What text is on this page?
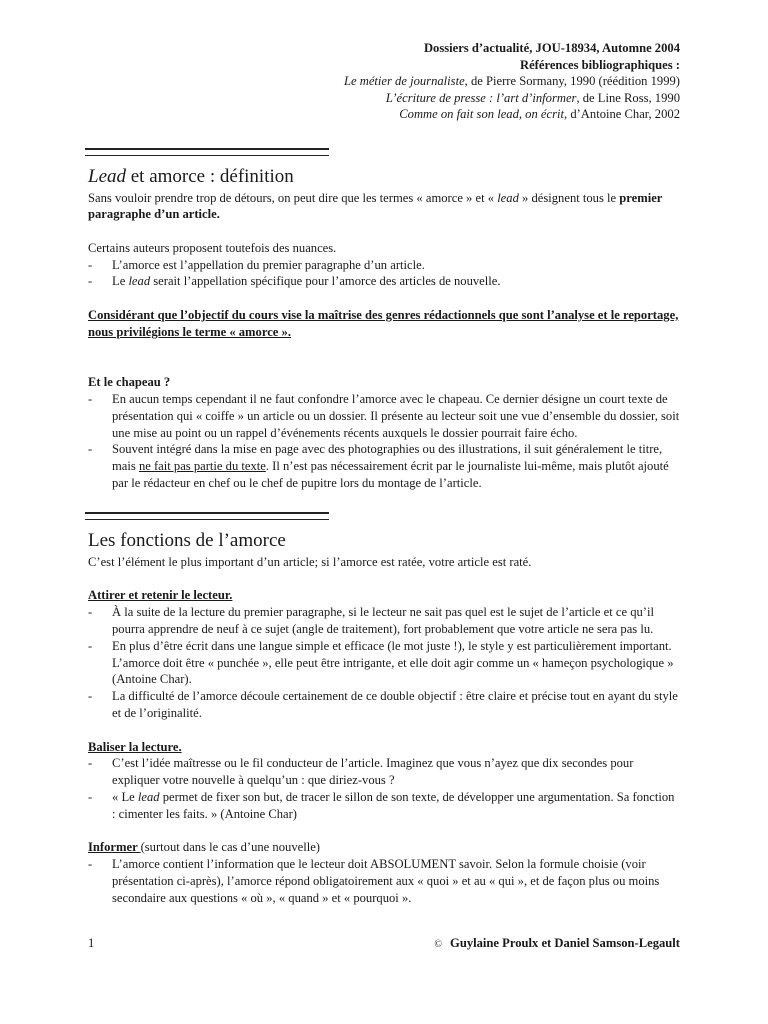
Dossiers d’actualité, JOU-18934, Automne 2004
Références bibliographiques :
Le métier de journaliste, de Pierre Sormany, 1990 (réédition 1999)
L’écriture de presse : l’art d’informer, de Line Ross, 1990
Comme on fait son lead, on écrit, d’Antoine Char, 2002
Lead et amorce : définition

Sans vouloir prendre trop de détours, on peut dire que les termes « amorce » et « lead » désignent tous le premier paragraphe d’un article.

Certains auteurs proposent toutefois des nuances.

- L’amorce est l’appellation du premier paragraphe d’un article.
- Le lead serait l’appellation spécifique pour l’amorce des articles de nouvelle.

Considérant que l’objectif du cours vise la maîtrise des genres rédactionnels que sont l’analyse et le reportage, nous privilégions le terme « amorce ».

Et le chapeau ?

- En aucun temps cependant il ne faut confondre l’amorce avec le chapeau. Ce dernier désigne un court texte de présentation qui « coiffe » un article ou un dossier. Il présente au lecteur soit une vue d’ensemble du dossier, soit une mise au point ou un rappel d’événements récents auxquels le dossier pourrait faire écho.
- Souvent intégré dans la mise en page avec des photographies ou des illustrations, il suit généralement le titre, mais ne fait pas partie du texte. Il n’est pas nécessairement écrit par le journaliste lui-même, mais plutôt ajouté par le rédacteur en chef ou le chef de pupitre lors du montage de l’article.
Les fonctions de l’amorce

C’est l’élément le plus important d’un article; si l’amorce est ratée, votre article est raté.

Attirer et retenir le lecteur.

- À la suite de la lecture du premier paragraphe, si le lecteur ne sait pas quel est le sujet de l’article et ce qu’il pourra apprendre de neuf à ce sujet (angle de traitement), fort probablement que votre article ne sera pas lu.
- En plus d’être écrit dans une langue simple et efficace (le mot juste !), le style y est particulièrement important. L’amorce doit être « punchée », elle peut être intrigante, et elle doit agir comme un « hameçon psychologique » (Antoine Char).
- La difficulté de l’amorce découle certainement de ce double objectif : être claire et précise tout en ayant du style et de l’originalité.

Baliser la lecture.

- C’est l’idée maîtresse ou le fil conducteur de l’article. Imaginez que vous n’ayez que dix secondes pour expliquer votre nouvelle à quelqu’un : que diriez-vous ?
- « Le lead permet de fixer son but, de tracer le sillon de son texte, de développer une argumentation. Sa fonction : cimenter les faits. » (Antoine Char)

Informer (surtout dans le cas d’une nouvelle)

- L’amorce contient l’information que le lecteur doit ABSOLUMENT savoir. Selon la formule choisie (voir présentation ci-après), l’amorce répond obligatoirement aux « quoi » et au « qui », et de façon plus ou moins secondaire aux questions « où », « quand » et « pourquoi ».
1	© Guylaine Proulx et Daniel Samson-Legault
